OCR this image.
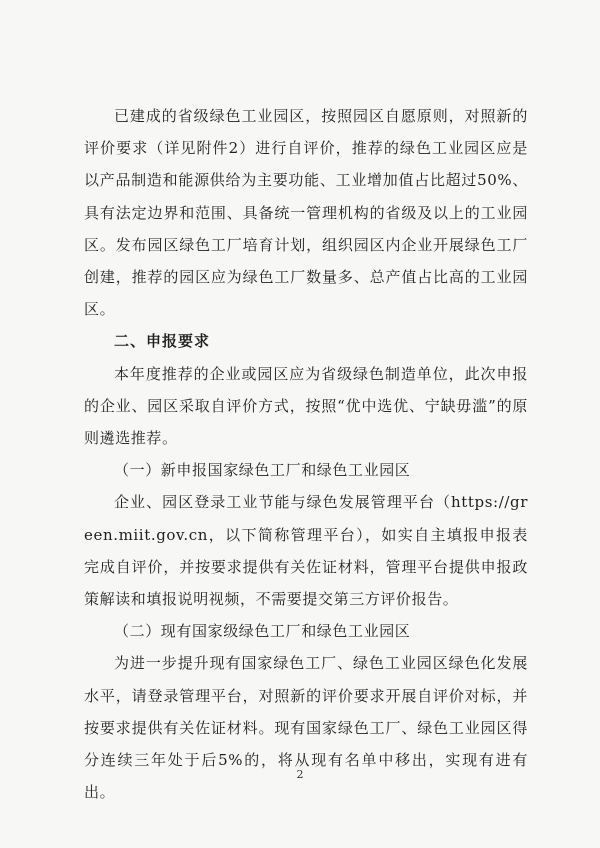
已建成的省级绿色工业园区，按照园区自愿原则，对照新的评价要求（详见附件2）进行自评价，推荐的绿色工业园区应是以产品制造和能源供给为主要功能、工业增加值占比超过50%、具有法定边界和范围、具备统一管理机构的省级及以上的工业园区。发布园区绿色工厂培育计划，组织园区内企业开展绿色工厂创建，推荐的园区应为绿色工厂数量多、总产值占比高的工业园区。

二、申报要求

本年度推荐的企业或园区应为省级绿色制造单位，此次申报的企业、园区采取自评价方式，按照“优中选优、宁缺毋滥”的原则遴选推荐。

（一）新申报国家绿色工厂和绿色工业园区

企业、园区登录工业节能与绿色发展管理平台（https://green.miit.gov.cn，以下简称管理平台），如实自主填报申报表完成自评价，并按要求提供有关佐证材料，管理平台提供申报政策解读和填报说明视频，不需要提交第三方评价报告。

（二）现有国家级绿色工厂和绿色工业园区

为进一步提升现有国家绿色工厂、绿色工业园区绿色化发展水平，请登录管理平台，对照新的评价要求开展自评价对标，并按要求提供有关佐证材料。现有国家绿色工厂、绿色工业园区得分连续三年处于后5%的，将从现有名单中移出，实现有进有出。

2
